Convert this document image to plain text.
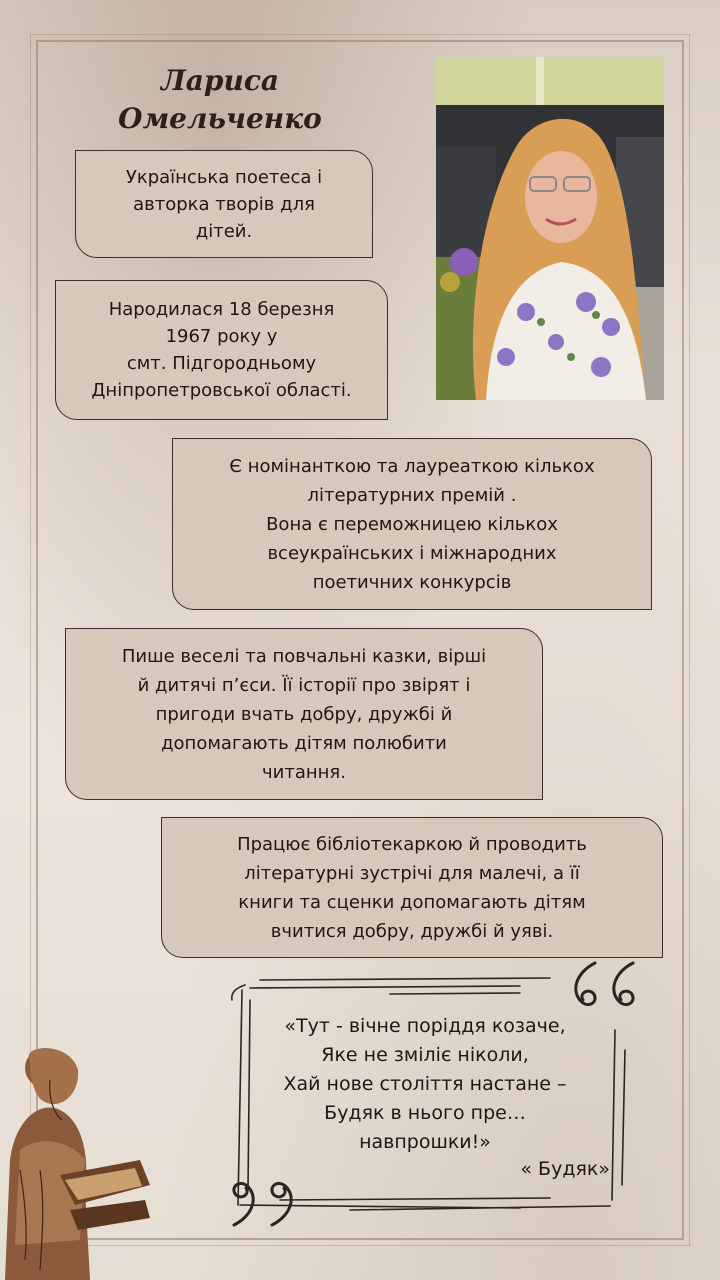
Лариса
Омельченко
Українська поетеса і
авторка творів для
дітей.
Народилася 18 березня
1967 року у
смт. Підгородньому
Дніпропетровської області.
Є номінанткою та лауреаткою кількох
літературних премій .
Вона є переможницею кількох
всеукраїнських і міжнародних
поетичних конкурсів
Пише веселі та повчальні казки, вірші
й дитячі п’єси. Її історії про звірят і
пригоди вчать добру, дружбі й
допомагають дітям полюбити
читання.
Працює бібліотекаркою й проводить
літературні зустрічі для малечі, а її
книги та сценки допомагають дітям
вчитися добру, дружбі й уяві.
«Тут - вічне поріддя козаче,
Яке не зміліє ніколи,
Хай нове століття настане –
Будяк в нього пре…
навпрошки!»
« Будяк»
